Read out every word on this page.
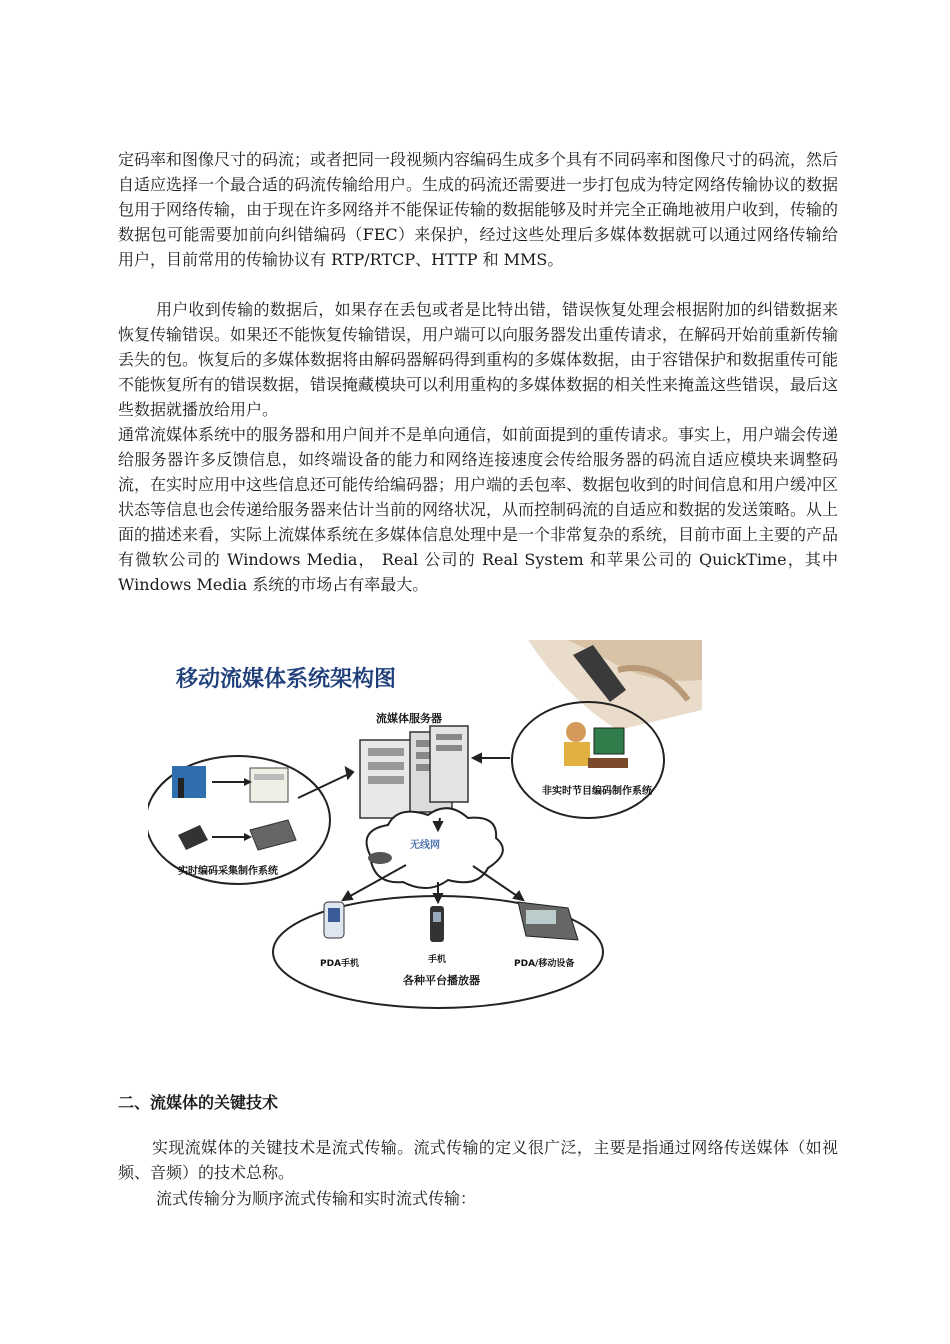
定码率和图像尺寸的码流；或者把同一段视频内容编码生成多个具有不同码率和图像尺寸的码流，然后自适应选择一个最合适的码流传输给用户。生成的码流还需要进一步打包成为特定网络传输协议的数据包用于网络传输，由于现在许多网络并不能保证传输的数据能够及时并完全正确地被用户收到，传输的数据包可能需要加前向纠错编码（FEC）来保护，经过这些处理后多媒体数据就可以通过网络传输给用户，目前常用的传输协议有 RTP/RTCP、HTTP 和 MMS。

用户收到传输的数据后，如果存在丢包或者是比特出错，错误恢复处理会根据附加的纠错数据来恢复传输错误。如果还不能恢复传输错误，用户端可以向服务器发出重传请求，在解码开始前重新传输丢失的包。恢复后的多媒体数据将由解码器解码得到重构的多媒体数据，由于容错保护和数据重传可能不能恢复所有的错误数据，错误掩藏模块可以利用重构的多媒体数据的相关性来掩盖这些错误，最后这些数据就播放给用户。

通常流媒体系统中的服务器和用户间并不是单向通信，如前面提到的重传请求。事实上，用户端会传递给服务器许多反馈信息，如终端设备的能力和网络连接速度会传给服务器的码流自适应模块来调整码流，在实时应用中这些信息还可能传给编码器；用户端的丢包率、数据包收到的时间信息和用户缓冲区状态等信息也会传递给服务器来估计当前的网络状况，从而控制码流的自适应和数据的发送策略。从上面的描述来看，实际上流媒体系统在多媒体信息处理中是一个非常复杂的系统，目前市面上主要的产品有微软公司的 Windows Media， Real 公司的 Real System 和苹果公司的 QuickTime，其中 Windows Media 系统的市场占有率最大。

移动流媒体系统架构图
流媒体服务器
无线网
实时编码采集制作系统
非实时节目编码制作系统
PDA手机	手机	PDA/移动设备
各种平台播放器
二、流媒体的关键技术

实现流媒体的关键技术是流式传输。流式传输的定义很广泛，主要是指通过网络传送媒体（如视频、音频）的技术总称。

流式传输分为顺序流式传输和实时流式传输：
